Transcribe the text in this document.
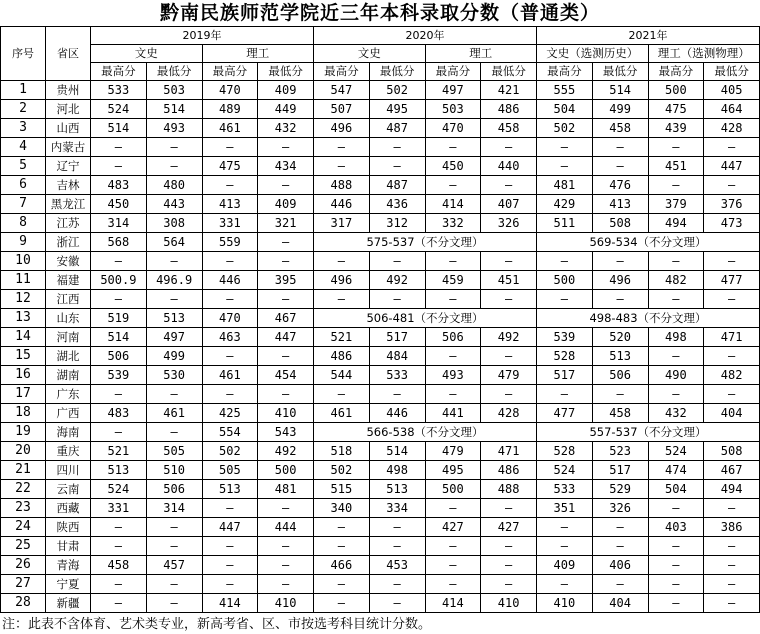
黔南民族师范学院近三年本科录取分数（普通类）
序号	省区	2019年				2020年				2021年			
		文史		理工		文史		理工		文史（选测历史）		理工（选测物理）	
		最高分	最低分	最高分	最低分	最高分	最低分	最高分	最低分	最高分	最低分	最高分	最低分
1	贵州	533	503	470	409	547	502	497	421	555	514	500	405
2	河北	524	514	489	449	507	495	503	486	504	499	475	464
3	山西	514	493	461	432	496	487	470	458	502	458	439	428
4	内蒙古	—	—	—	—	—	—	—	—	—	—	—	—
5	辽宁	—	—	475	434	—	—	450	440	—	—	451	447
6	吉林	483	480	—	—	488	487	—	—	481	476	—	—
7	黑龙江	450	443	413	409	446	436	414	407	429	413	379	376
8	江苏	314	308	331	321	317	312	332	326	511	508	494	473
9	浙江	568	564	559	—	575-537（不分文理）				569-534（不分文理）			
10	安徽	—	—	—	—	—	—	—	—	—	—	—	—
11	福建	500.9	496.9	446	395	496	492	459	451	500	496	482	477
12	江西	—	—	—	—	—	—	—	—	—	—	—	—
13	山东	519	513	470	467	506-481（不分文理）				498-483（不分文理）			
14	河南	514	497	463	447	521	517	506	492	539	520	498	471
15	湖北	506	499	—	—	486	484	—	—	528	513	—	—
16	湖南	539	530	461	454	544	533	493	479	517	506	490	482
17	广东	—	—	—	—	—	—	—	—	—	—	—	—
18	广西	483	461	425	410	461	446	441	428	477	458	432	404
19	海南	—	—	554	543	566-538（不分文理）				557-537（不分文理）			
20	重庆	521	505	502	492	518	514	479	471	528	523	524	508
21	四川	513	510	505	500	502	498	495	486	524	517	474	467
22	云南	524	506	513	481	515	513	500	488	533	529	504	494
23	西藏	331	314	—	—	340	334	—	—	351	326	—	—
24	陕西	—	—	447	444	—	—	427	427	—	—	403	386
25	甘肃	—	—	—	—	—	—	—	—	—	—	—	—
26	青海	458	457	—	—	466	453	—	—	409	406	—	—
27	宁夏	—	—	—	—	—	—	—	—	—	—	—	—
28	新疆	—	—	414	410	—	—	414	410	410	404	—	—
注：此表不含体育、艺术类专业，新高考省、区、市按选考科目统计分数。
